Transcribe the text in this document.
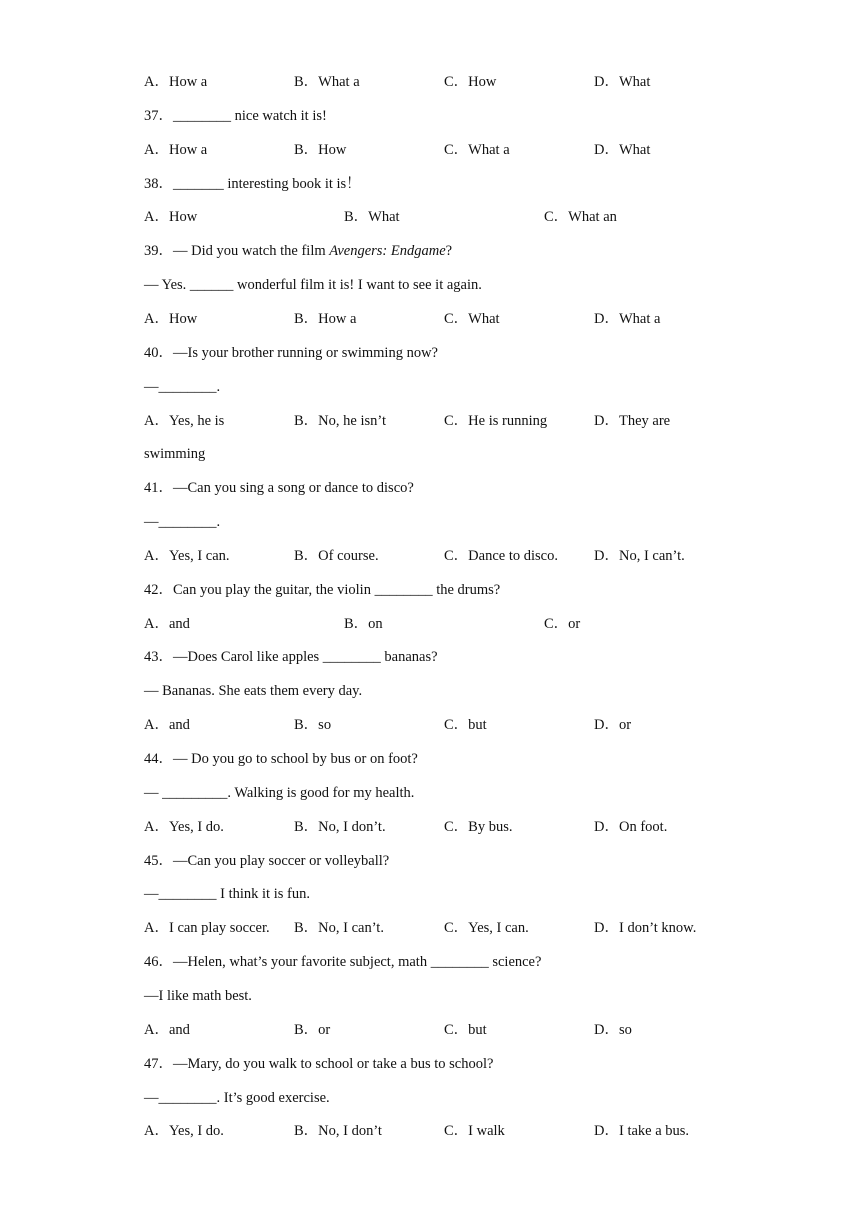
A．How a	B．What a	C．How	D．What
37．________ nice watch it is!
A．How a	B．How	C．What a	D．What
38．_______ interesting book it is！
A．How	B．What	C．What an
39．— Did you watch the film Avengers: Endgame?
— Yes. ______ wonderful film it is! I want to see it again.
A．How	B．How a	C．What	D．What a
40．—Is your brother running or swimming now?
—________.
A．Yes, he is	B．No, he isn’t	C．He is running	D．They are
swimming
41．—Can you sing a song or dance to disco?
—________.
A．Yes, I can.	B．Of course.	C．Dance to disco. D．No, I can’t.
42．Can you play the guitar, the violin ________ the drums?
A．and	B．on	C．or
43．—Does Carol like apples ________ bananas?
— Bananas. She eats them every day.
A．and	B．so	C．but	D．or
44．— Do you go to school by bus or on foot?
— _________. Walking is good for my health.
A．Yes, I do.	B．No, I don’t.	C．By bus.	D．On foot.
45．—Can you play soccer or volleyball?
—________ I think it is fun.
A．I can play soccer. B．No, I can’t.	C．Yes, I can.	D．I don’t know.
46．—Helen, what’s your favorite subject, math ________ science?
—I like math best.
A．and	B．or	C．but	D．so
47．—Mary, do you walk to school or take a bus to school?
—________. It’s good exercise.
A．Yes, I do.	B．No, I don’t	C．I walk	D．I take a bus.
